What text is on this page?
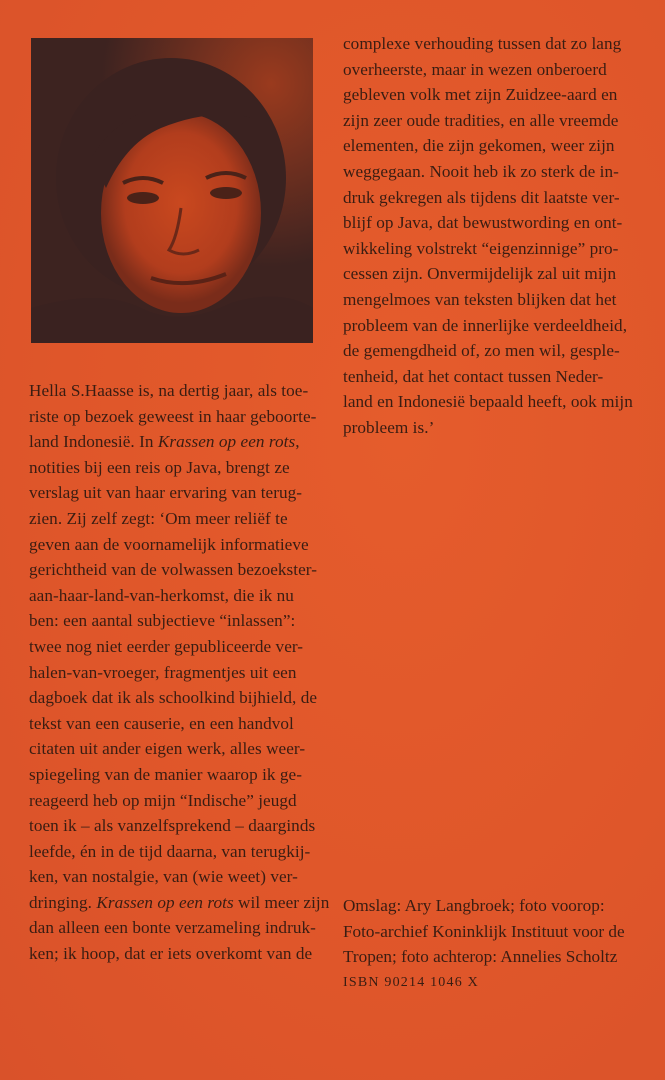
complexe verhouding tussen dat zo lang
overheerste, maar in wezen onberoerd
gebleven volk met zijn Zuidzee-aard en
zijn zeer oude tradities, en alle vreemde
elementen, die zijn gekomen, weer zijn
weggegaan. Nooit heb ik zo sterk de in-
druk gekregen als tijdens dit laatste ver-
blijf op Java, dat bewustwording en ont-
wikkeling volstrekt “eigenzinnige” pro-
cessen zijn. Onvermijdelijk zal uit mijn
mengelmoes van teksten blijken dat het
probleem van de innerlijke verdeeldheid,
de gemengdheid of, zo men wil, gesple-
tenheid, dat het contact tussen Neder-
land en Indonesië bepaald heeft, ook mijn
probleem is.’
Hella S.Haasse is, na dertig jaar, als toe-
riste op bezoek geweest in haar geboorte-
land Indonesië. In Krassen op een rots,
notities bij een reis op Java, brengt ze
verslag uit van haar ervaring van terug-
zien. Zij zelf zegt: ‘Om meer reliëf te
geven aan de voornamelijk informatieve
gerichtheid van de volwassen bezoekster-
aan-haar-land-van-herkomst, die ik nu
ben: een aantal subjectieve “inlassen”:
twee nog niet eerder gepubliceerde ver-
halen-van-vroeger, fragmentjes uit een
dagboek dat ik als schoolkind bijhield, de
tekst van een causerie, en een handvol
citaten uit ander eigen werk, alles weer-
spiegeling van de manier waarop ik ge-
reageerd heb op mijn “Indische” jeugd
toen ik – als vanzelfsprekend – daarginds
leefde, én in de tijd daarna, van terugkij-
ken, van nostalgie, van (wie weet) ver-
dringing. Krassen op een rots wil meer zijn
dan alleen een bonte verzameling indruk-
ken; ik hoop, dat er iets overkomt van de
Omslag: Ary Langbroek; foto voorop:
Foto-archief Koninklijk Instituut voor de
Tropen; foto achterop: Annelies Scholtz
ISBN 90214 1046 X
